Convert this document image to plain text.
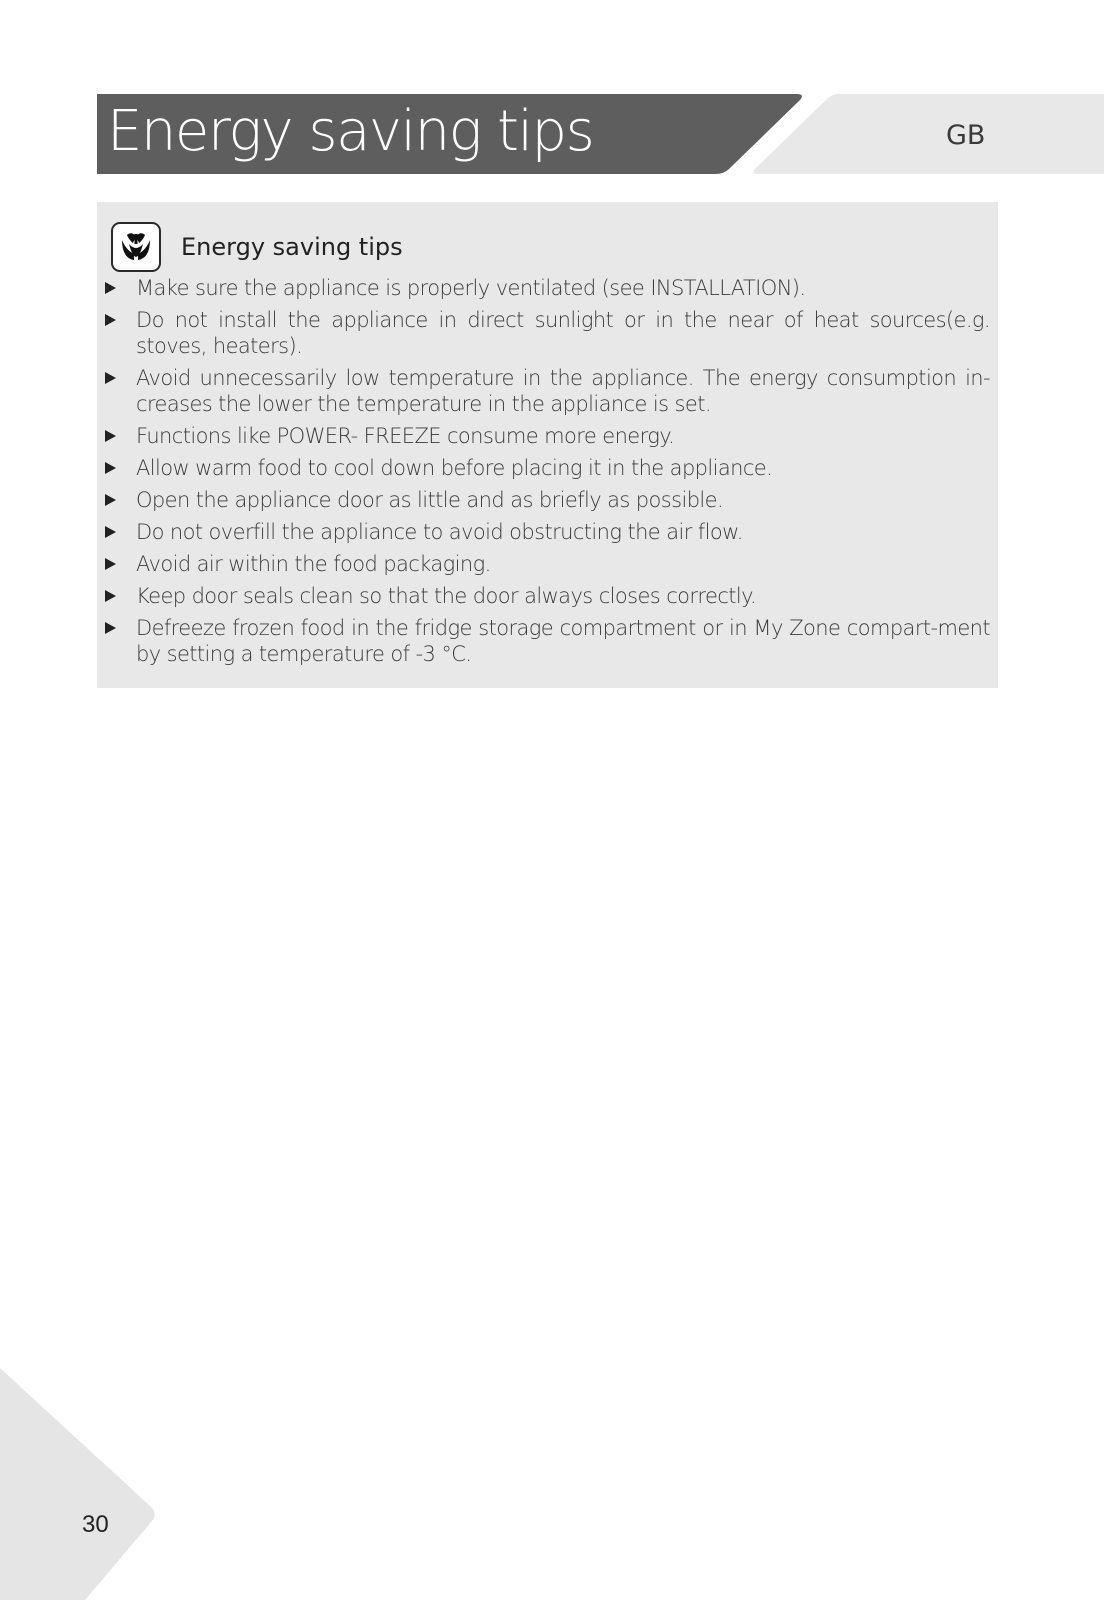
Energy saving tips	GB
Energy saving tips
Make sure the appliance is properly ventilated (see INSTALLATION).
Do not install the appliance in direct sunlight or in the near of heat sources(e.g. stoves, heaters).
Avoid unnecessarily low temperature in the appliance. The energy consumption in-creases the lower the temperature in the appliance is set.
Functions like POWER- FREEZE consume more energy.
Allow warm food to cool down before placing it in the appliance.
Open the appliance door as little and as briefly as possible.
Do not overfill the appliance to avoid obstructing the air flow.
Avoid air within the food packaging.
Keep door seals clean so that the door always closes correctly.
Defreeze frozen food in the fridge storage compartment or in My Zone compart-ment by setting a temperature of -3 °C.
30
